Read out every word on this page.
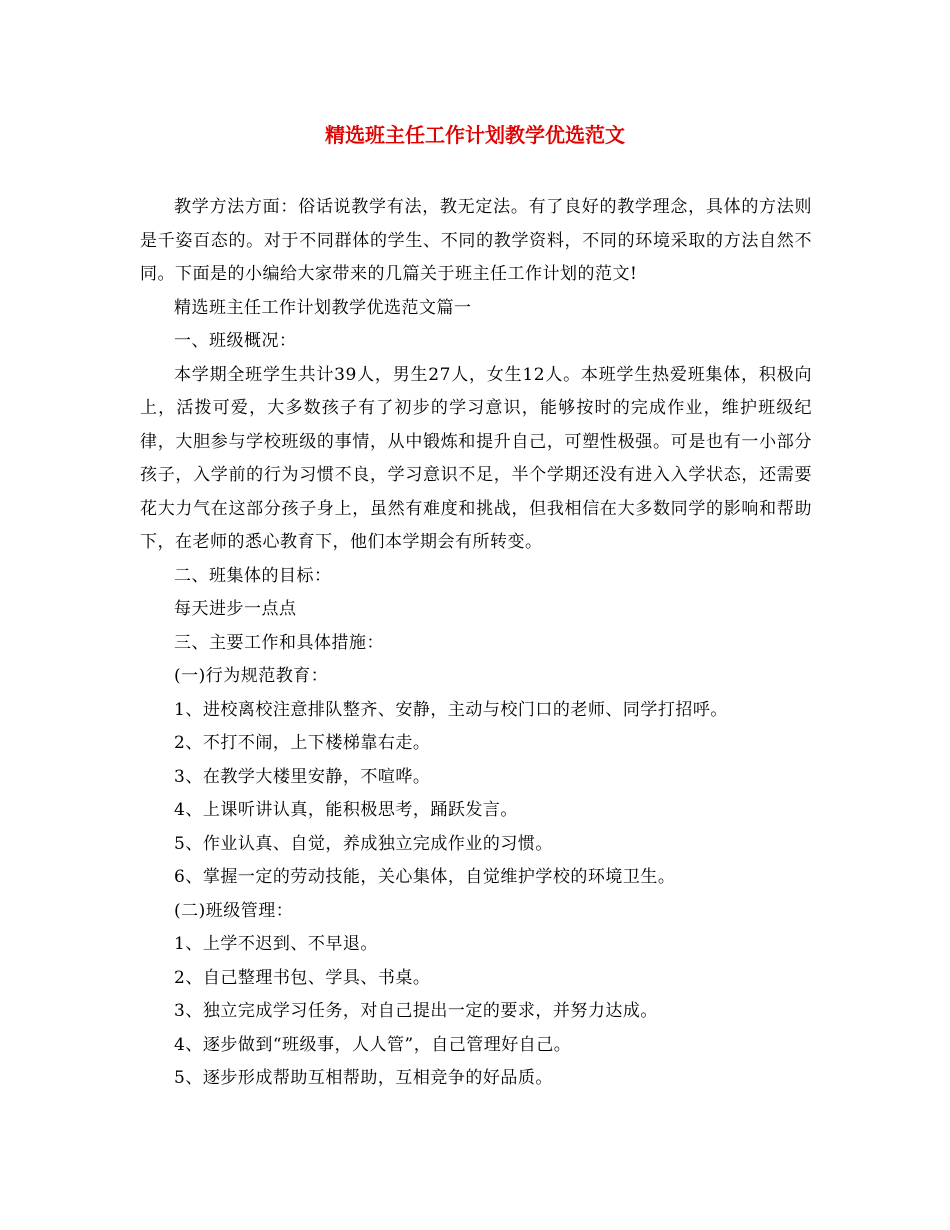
精选班主任工作计划教学优选范文

教学方法方面：俗话说教学有法，教无定法。有了良好的教学理念，具体的方法则是千姿百态的。对于不同群体的学生、不同的教学资料，不同的环境采取的方法自然不同。下面是的小编给大家带来的几篇关于班主任工作计划的范文!

精选班主任工作计划教学优选范文篇一

一、班级概况：

本学期全班学生共计39人，男生27人，女生12人。本班学生热爱班集体，积极向上，活拨可爱，大多数孩子有了初步的学习意识，能够按时的完成作业，维护班级纪律，大胆参与学校班级的事情，从中锻炼和提升自己，可塑性极强。可是也有一小部分孩子，入学前的行为习惯不良，学习意识不足，半个学期还没有进入入学状态，还需要花大力气在这部分孩子身上，虽然有难度和挑战，但我相信在大多数同学的影响和帮助下，在老师的悉心教育下，他们本学期会有所转变。

二、班集体的目标：

每天进步一点点

三、主要工作和具体措施：

(一)行为规范教育：

1、进校离校注意排队整齐、安静，主动与校门口的老师、同学打招呼。

2、不打不闹，上下楼梯靠右走。

3、在教学大楼里安静，不喧哗。

4、上课听讲认真，能积极思考，踊跃发言。

5、作业认真、自觉，养成独立完成作业的习惯。

6、掌握一定的劳动技能，关心集体，自觉维护学校的环境卫生。

(二)班级管理：

1、上学不迟到、不早退。

2、自己整理书包、学具、书桌。

3、独立完成学习任务，对自己提出一定的要求，并努力达成。

4、逐步做到“班级事，人人管”，自己管理好自己。

5、逐步形成帮助互相帮助，互相竞争的好品质。
